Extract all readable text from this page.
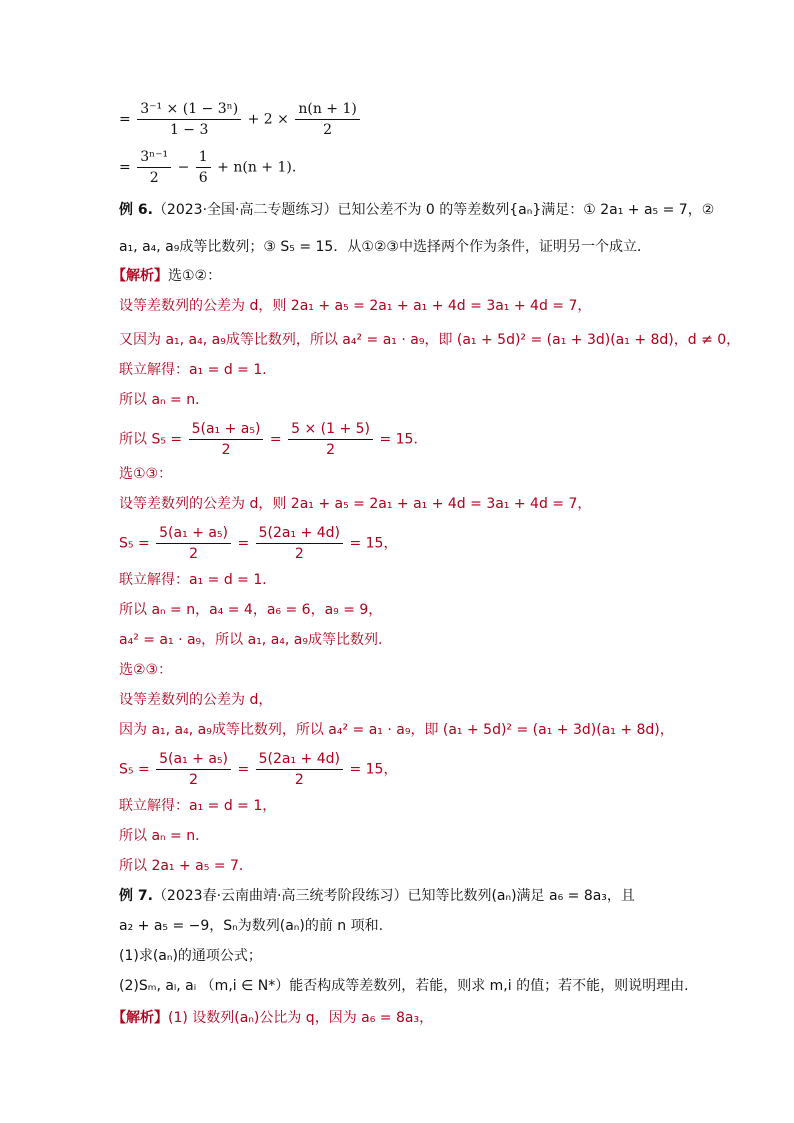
= $\frac{\text{3⁻¹ × (1 − 3ⁿ)}}{1 - 3} + 2 \times \frac{n(n + 1)}{2}$
= $\frac{\text{3ⁿ⁻¹}}{2} - \frac{1}{6} + n(n + 1)$.
例 6.（2023·全国·高二专题练习）已知公差不为 0 的等差数列{aₙ}满足：① 2a₁ + a₅ = 7，②
a₁, a₄, a₉成等比数列；③ S₅ = 15．从①②③中选择两个作为条件，证明另一个成立．
【解析】选①②：
设等差数列的公差为 d，则 2a₁ + a₅ = 2a₁ + a₁ + 4d = 3a₁ + 4d = 7，
又因为 a₁, a₄, a₉成等比数列，所以 a₄² = a₁ · a₉，即 (a₁ + 5d)² = (a₁ + 3d)(a₁ + 8d)，d ≠ 0，
联立解得：a₁ = d = 1．
所以 aₙ = n．
所以 $S_5 = \frac{\text{5(a₁ + a₅)}}{2} = \frac{5 \times (1 + 5)}{2} = 15$．
选①③：
设等差数列的公差为 d，则 2a₁ + a₅ = 2a₁ + a₁ + 4d = 3a₁ + 4d = 7，
$S_5 = \frac{\text{5(a₁ + a₅)}}{2} = \frac{\text{5(2a₁ + 4d)}}{2} = 15$，
联立解得：a₁ = d = 1．
所以 aₙ = n，a₄ = 4，a₆ = 6，a₉ = 9，
a₄² = a₁ · a₉，所以 a₁, a₄, a₉成等比数列.
选②③：
设等差数列的公差为 d，
因为 a₁, a₄, a₉成等比数列，所以 a₄² = a₁ · a₉，即 (a₁ + 5d)² = (a₁ + 3d)(a₁ + 8d)，
$S_5 = \frac{\text{5(a₁ + a₅)}}{2} = \frac{\text{5(2a₁ + 4d)}}{2} = 15$，
联立解得：a₁ = d = 1，
所以 aₙ = n．
所以 2a₁ + a₅ = 7．
例 7.（2023春·云南曲靖·高三统考阶段练习）已知等比数列(aₙ)满足 a₆ = 8a₃，且
a₂ + a₅ = −9，Sₙ为数列(aₙ)的前 n 项和.
(1)求(aₙ)的通项公式；
(2)Sₘ, aₗ, aᵢ （m,i ∈ N*）能否构成等差数列，若能，则求 m,i 的值；若不能，则说明理由.
【解析】(1) 设数列(aₙ)公比为 q，因为 a₆ = 8a₃，
